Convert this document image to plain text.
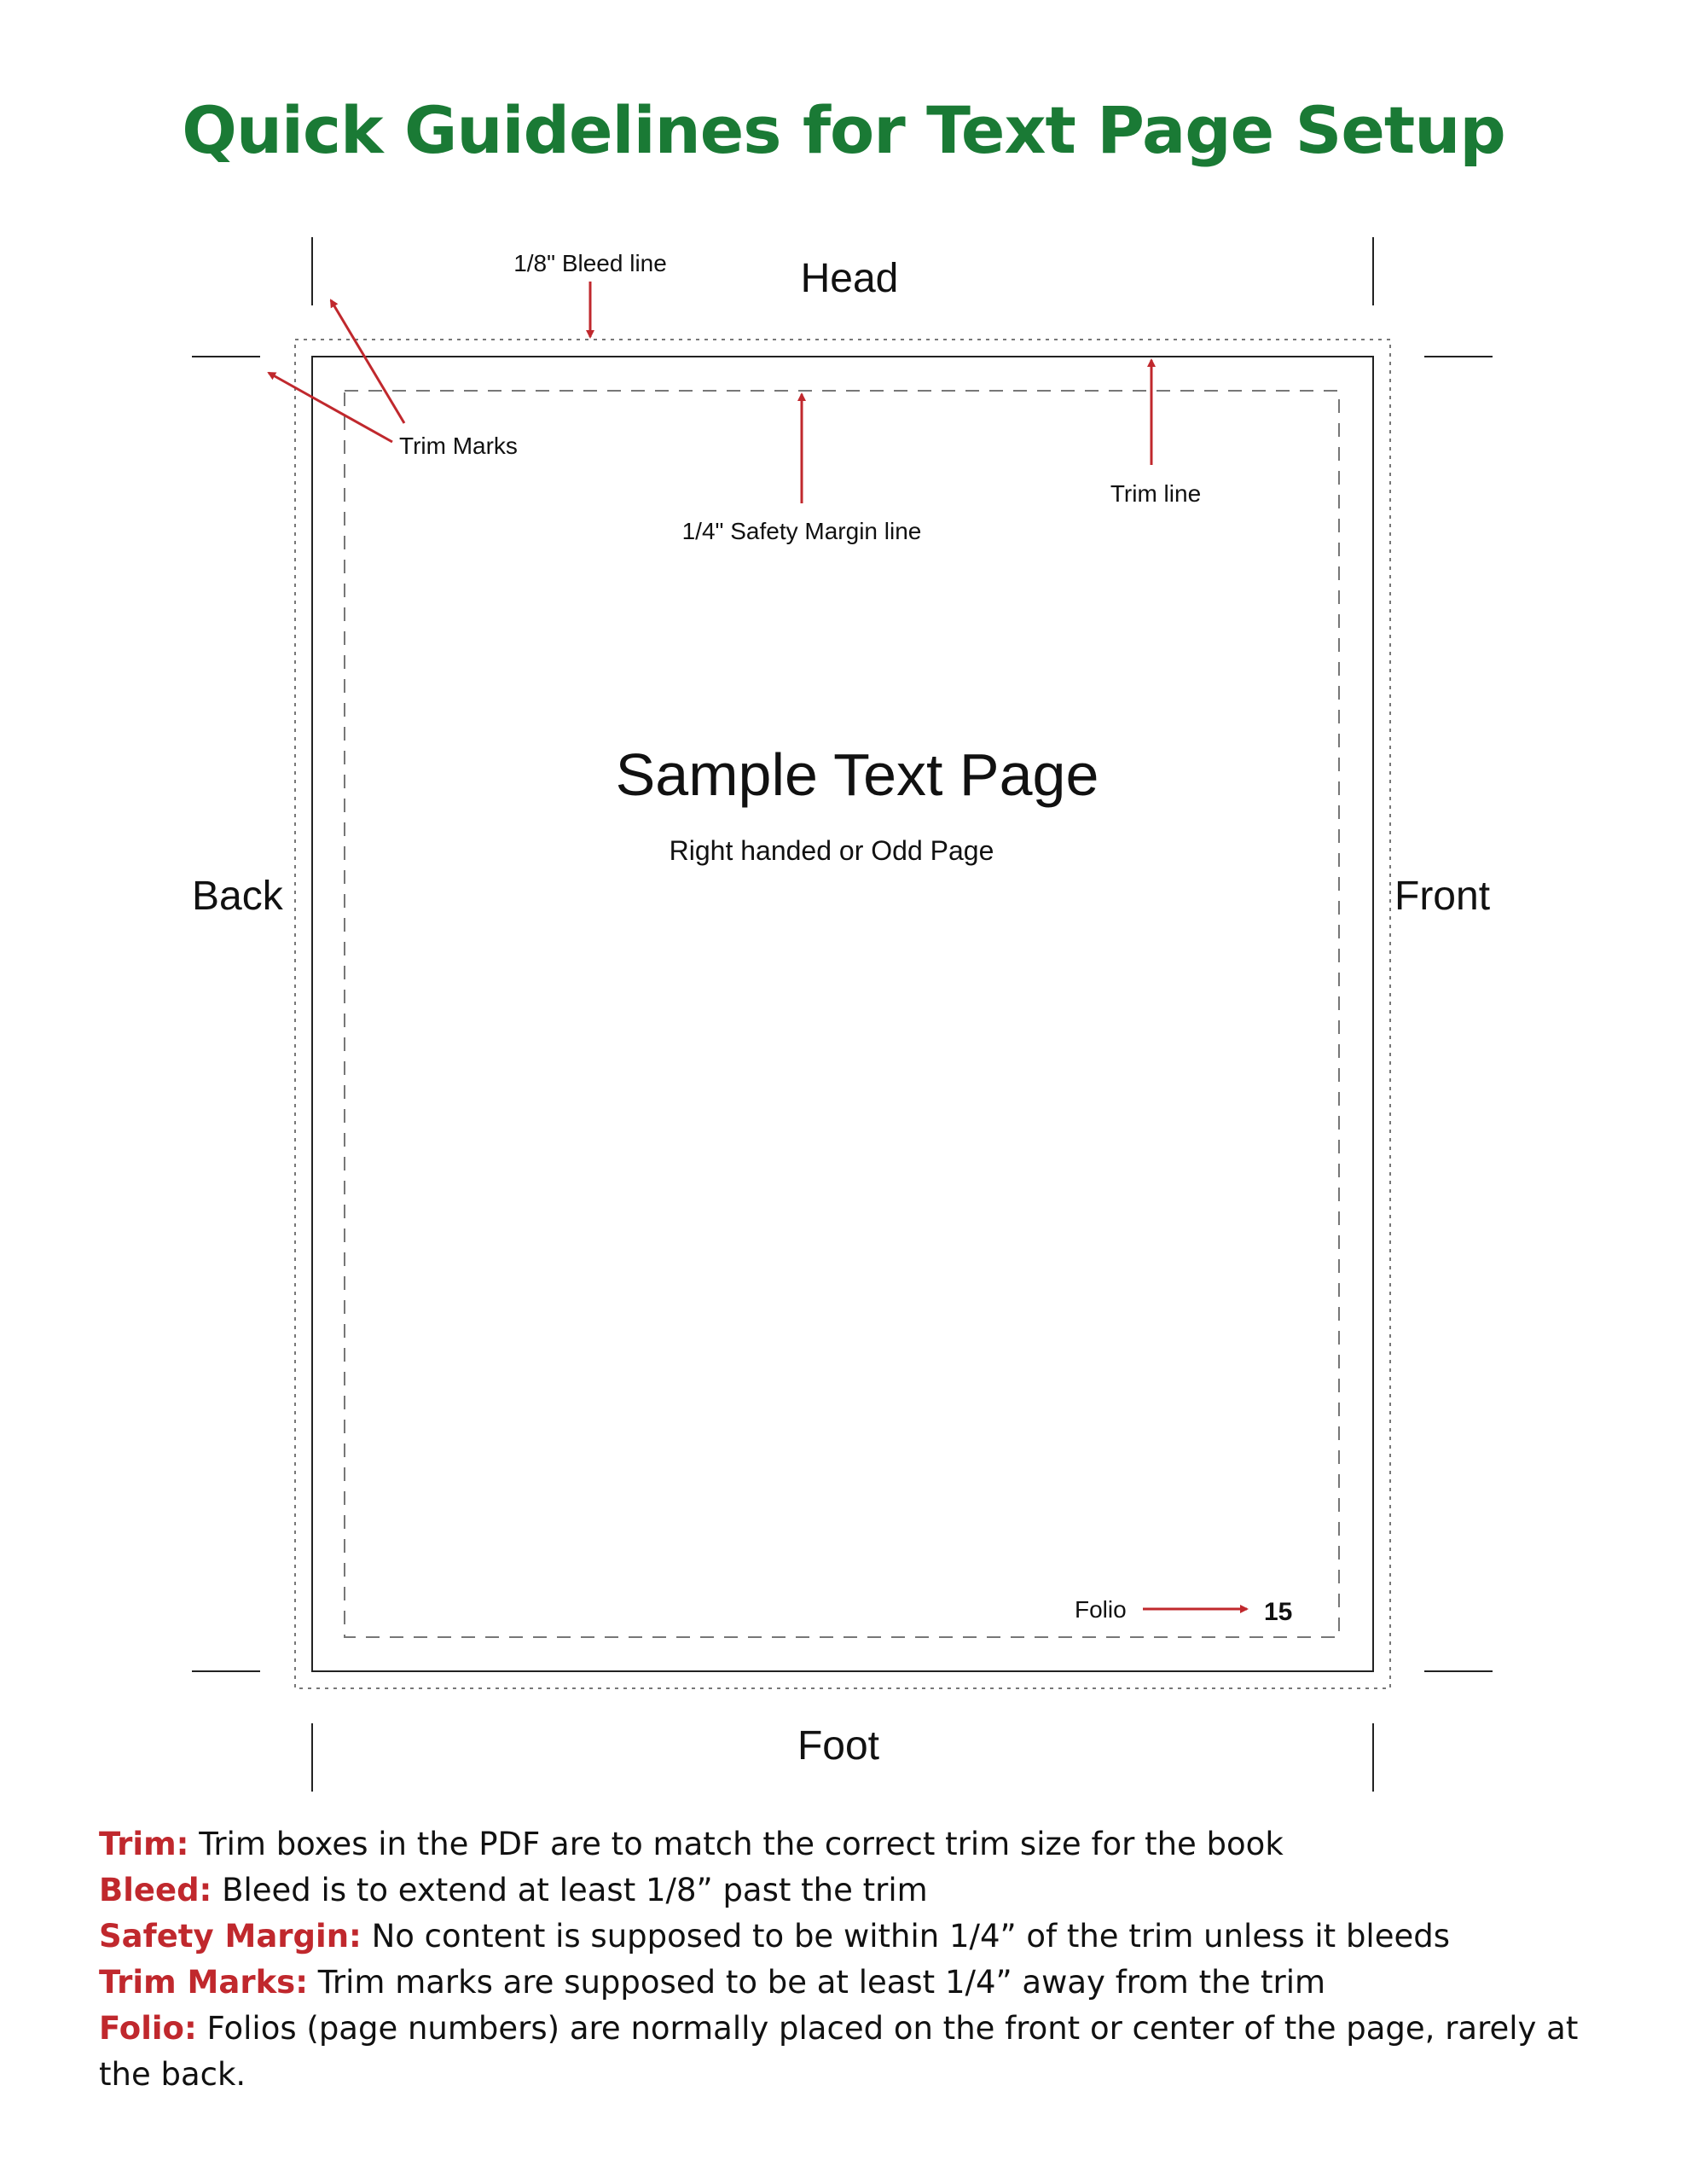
Quick Guidelines for Text Page Setup
Head
Foot
Back	Front
1/8" Bleed line
Trim Marks
1/4" Safety Margin line
Trim line
Sample Text Page
Right handed or Odd Page
Folio	15

Trim: Trim boxes in the PDF are to match the correct trim size for the book

Bleed: Bleed is to extend at least 1/8” past the trim

Safety Margin: No content is supposed to be within 1/4” of the trim unless it bleeds

Trim Marks: Trim marks are supposed to be at least 1/4” away from the trim

Folio: Folios (page numbers) are normally placed on the front or center of the page, rarely at the back.
